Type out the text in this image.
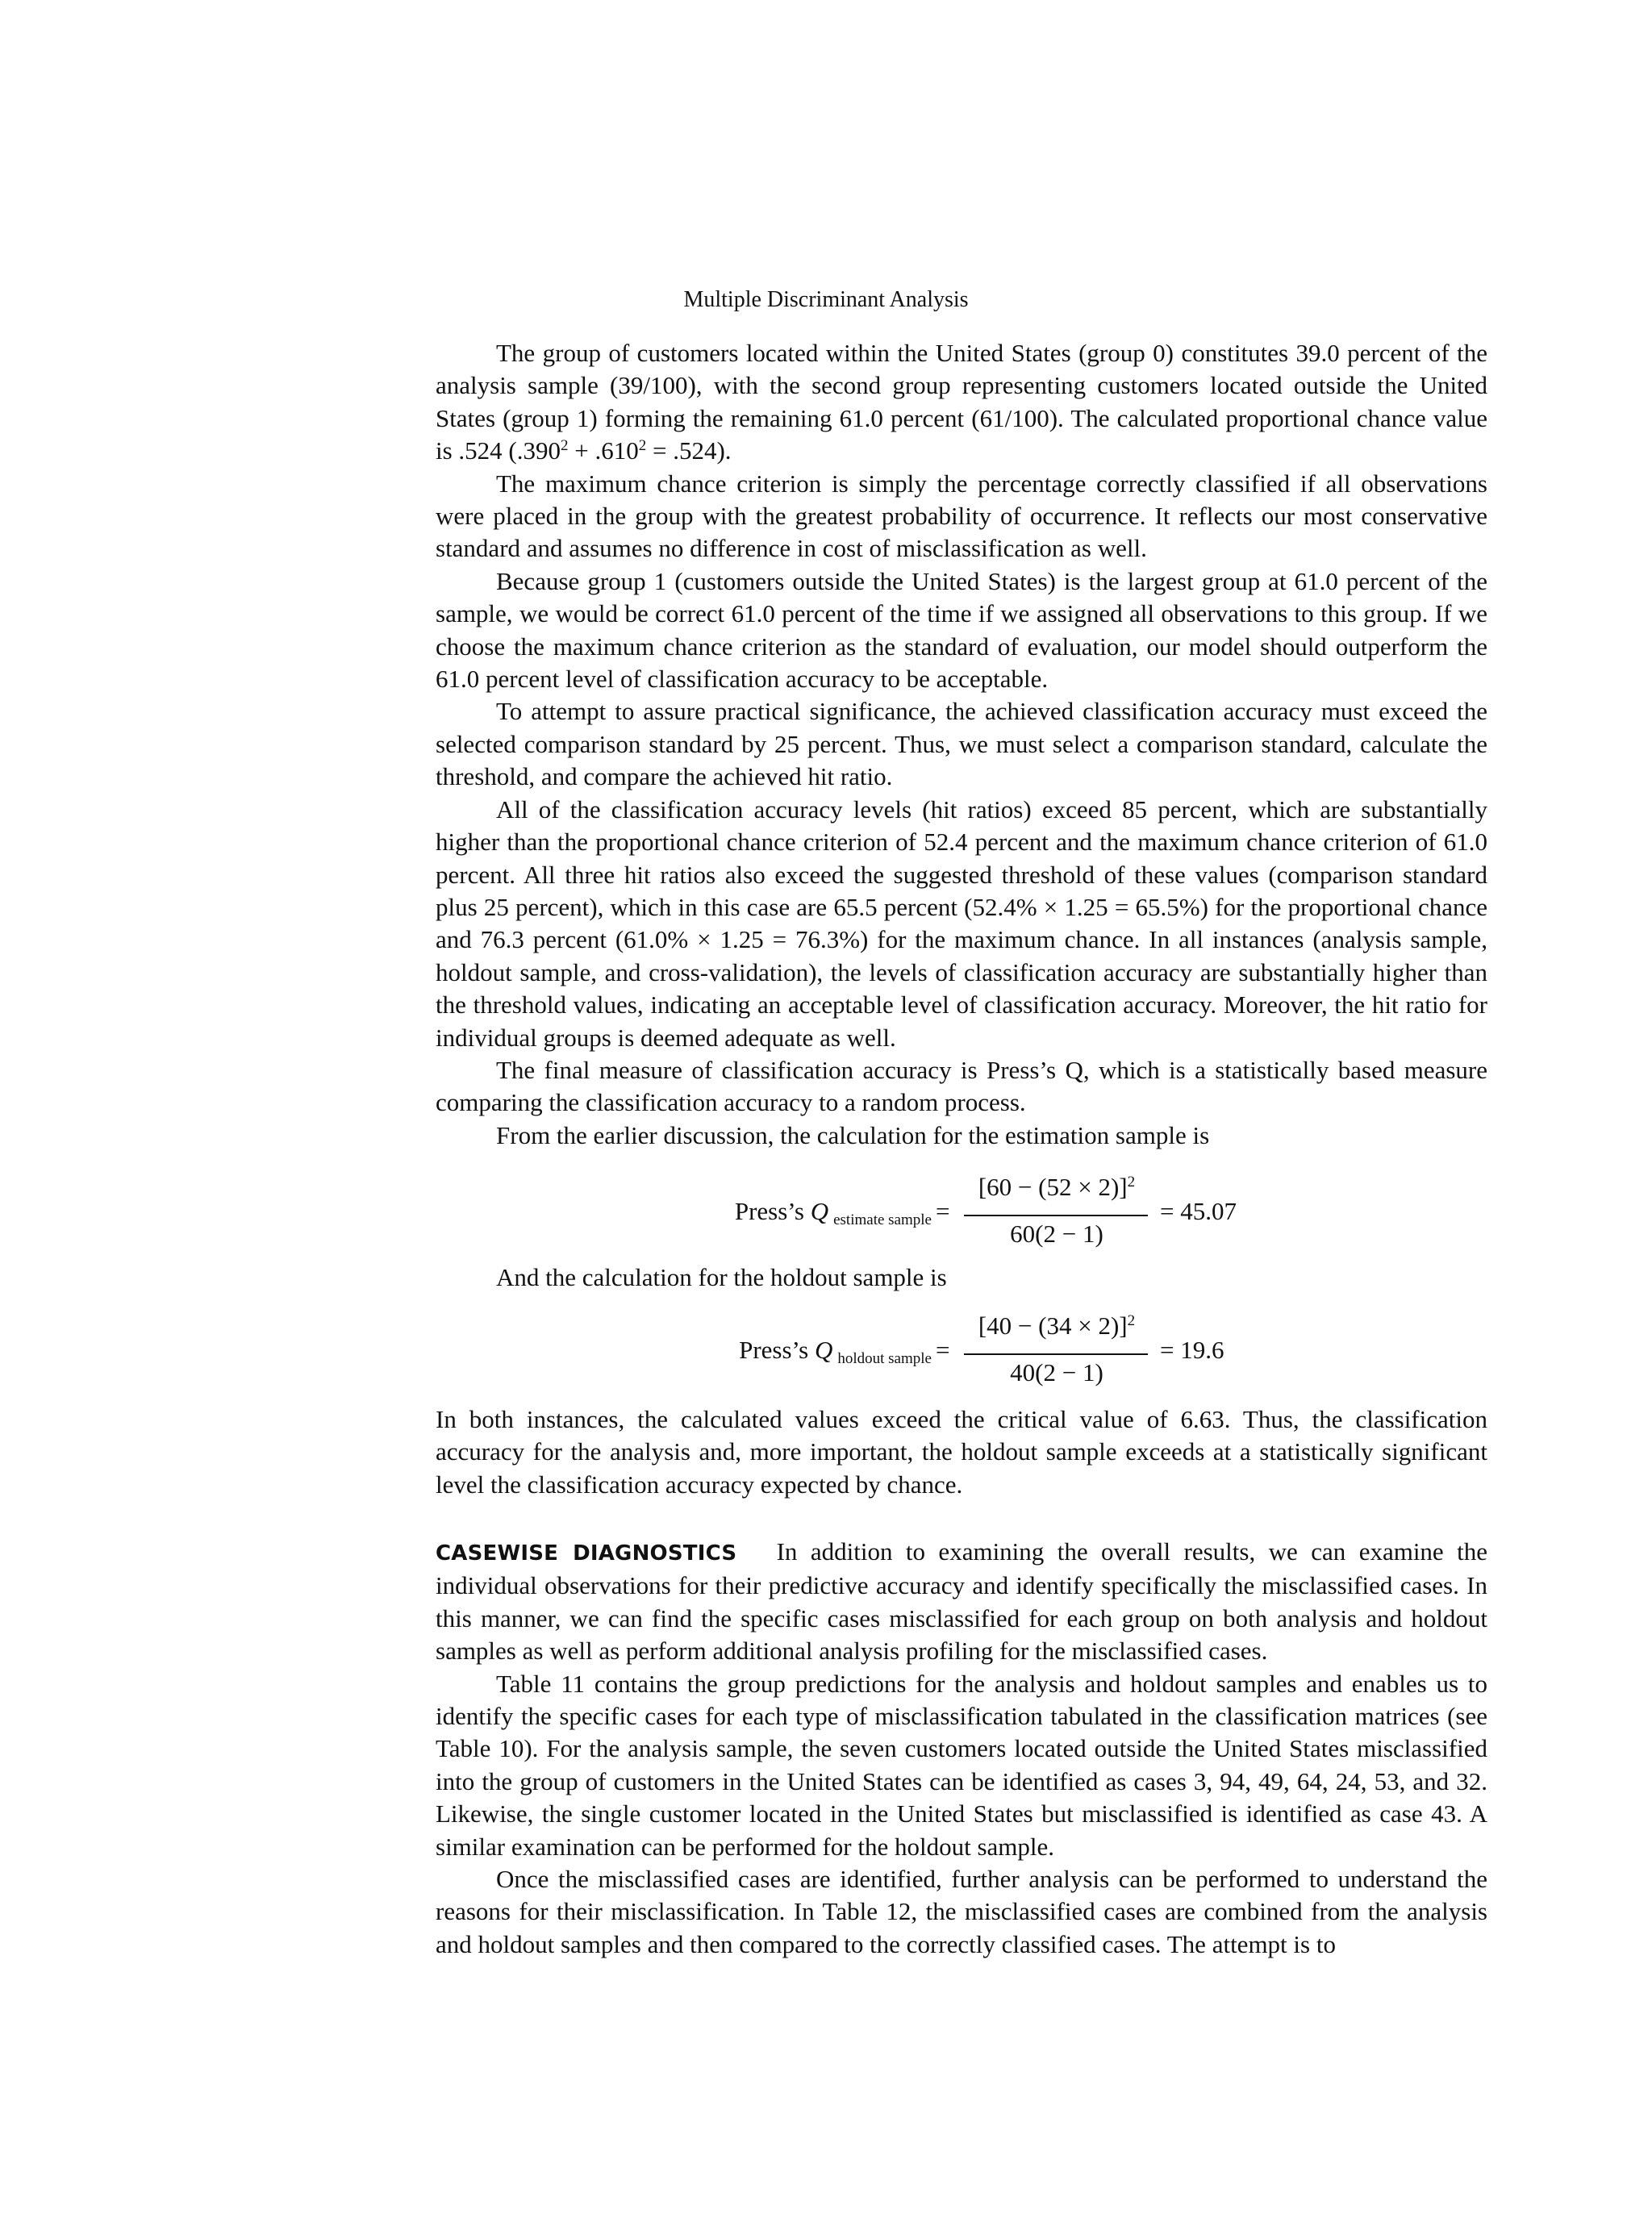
Multiple Discriminant Analysis

The group of customers located within the United States (group 0) constitutes 39.0 percent of the analysis sample (39/100), with the second group representing customers located outside the United States (group 1) forming the remaining 61.0 percent (61/100). The calculated proportional chance value is .524 $(.390^2 + .610^2 = .524)$.

The maximum chance criterion is simply the percentage correctly classified if all observations were placed in the group with the greatest probability of occurrence. It reflects our most conservative standard and assumes no difference in cost of misclassification as well.

Because group 1 (customers outside the United States) is the largest group at 61.0 percent of the sample, we would be correct 61.0 percent of the time if we assigned all observations to this group. If we choose the maximum chance criterion as the standard of evaluation, our model should outperform the 61.0 percent level of classification accuracy to be acceptable.

To attempt to assure practical significance, the achieved classification accuracy must exceed the selected comparison standard by 25 percent. Thus, we must select a comparison standard, calculate the threshold, and compare the achieved hit ratio.

All of the classification accuracy levels (hit ratios) exceed 85 percent, which are substantially higher than the proportional chance criterion of 52.4 percent and the maximum chance criterion of 61.0 percent. All three hit ratios also exceed the suggested threshold of these values (comparison standard plus 25 percent), which in this case are 65.5 percent (52.4% × 1.25 = 65.5%) for the proportional chance and 76.3 percent (61.0% × 1.25 = 76.3%) for the maximum chance. In all instances (analysis sample, holdout sample, and cross-validation), the levels of classification accuracy are substantially higher than the threshold values, indicating an acceptable level of classification accuracy. Moreover, the hit ratio for individual groups is deemed adequate as well.

The final measure of classification accuracy is Press’s Q, which is a statistically based measure comparing the classification accuracy to a random process.

From the earlier discussion, the calculation for the estimation sample is

Press’s Q $_{estimate sample}$ =
$[60 - (52 \times 2)]^2$
60(2 − 1)
= 45.07
And the calculation for the holdout sample is
Press’s Q $_{holdout sample}$ =
$[40 - (34 \times 2)]^2$
40(2 − 1)
= 19.6

In both instances, the calculated values exceed the critical value of 6.63. Thus, the classification accuracy for the analysis and, more important, the holdout sample exceeds at a statistically significant level the classification accuracy expected by chance.

CASEWISE DIAGNOSTICS In addition to examining the overall results, we can examine the individual observations for their predictive accuracy and identify specifically the misclassified cases. In this manner, we can find the specific cases misclassified for each group on both analysis and holdout samples as well as perform additional analysis profiling for the misclassified cases.

Table 11 contains the group predictions for the analysis and holdout samples and enables us to identify the specific cases for each type of misclassification tabulated in the classification matrices (see Table 10). For the analysis sample, the seven customers located outside the United States misclassified into the group of customers in the United States can be identified as cases 3, 94, 49, 64, 24, 53, and 32. Likewise, the single customer located in the United States but misclassified is identified as case 43. A similar examination can be performed for the holdout sample.

Once the misclassified cases are identified, further analysis can be performed to understand the reasons for their misclassification. In Table 12, the misclassified cases are combined from the analysis and holdout samples and then compared to the correctly classified cases. The attempt is to
